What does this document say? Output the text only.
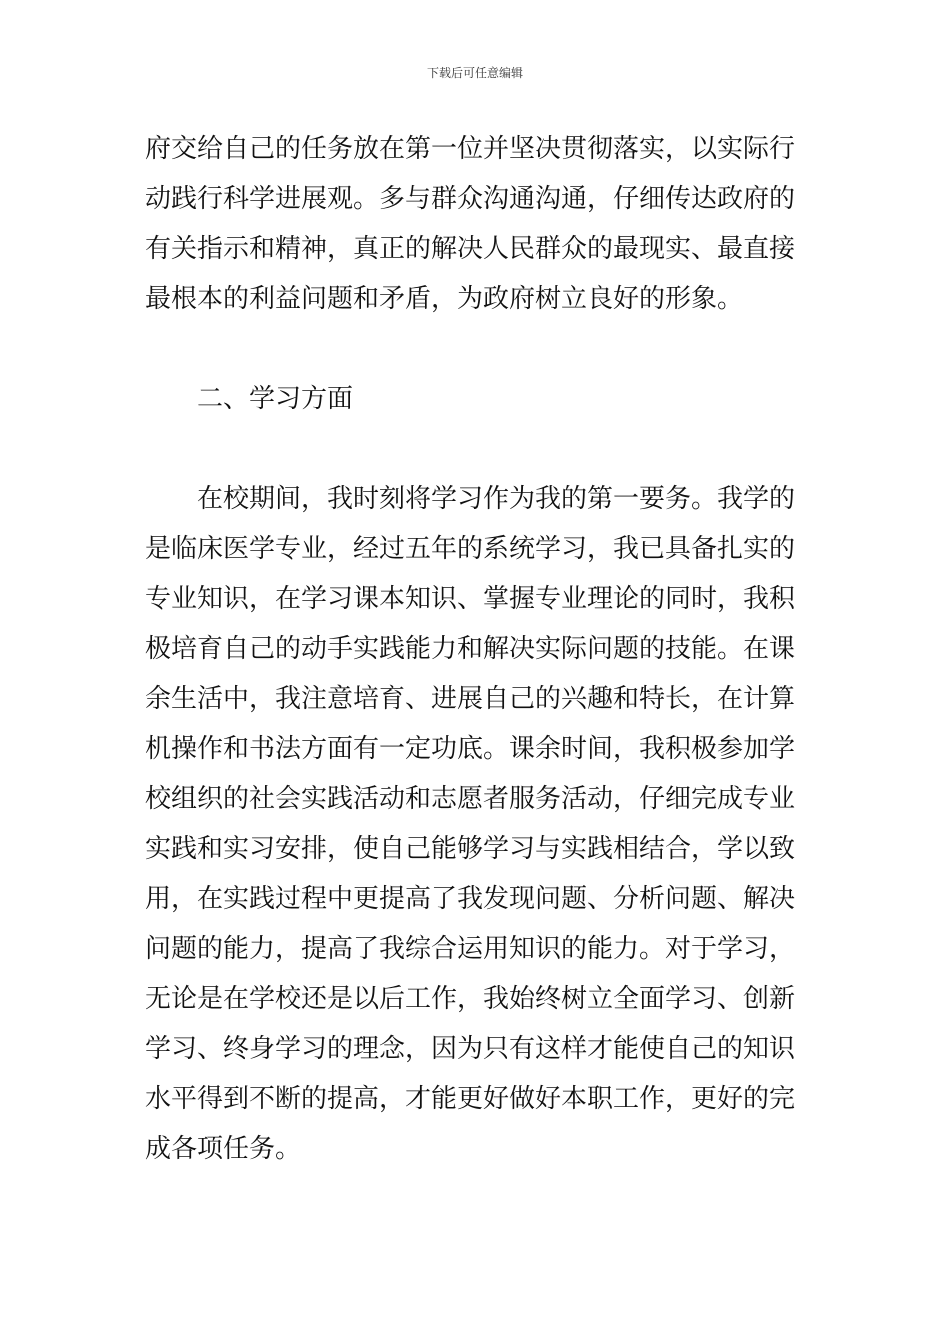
下载后可任意编辑
府交给自己的任务放在第一位并坚决贯彻落实，以实际行
动践行科学进展观。多与群众沟通沟通，仔细传达政府的
有关指示和精神，真正的解决人民群众的最现实、最直接
最根本的利益问题和矛盾，为政府树立良好的形象。
二、学习方面
在校期间，我时刻将学习作为我的第一要务。我学的
是临床医学专业，经过五年的系统学习，我已具备扎实的
专业知识，在学习课本知识、掌握专业理论的同时，我积
极培育自己的动手实践能力和解决实际问题的技能。在课
余生活中，我注意培育、进展自己的兴趣和特长，在计算
机操作和书法方面有一定功底。课余时间，我积极参加学
校组织的社会实践活动和志愿者服务活动，仔细完成专业
实践和实习安排，使自己能够学习与实践相结合，学以致
用，在实践过程中更提高了我发现问题、分析问题、解决
问题的能力，提高了我综合运用知识的能力。对于学习，
无论是在学校还是以后工作，我始终树立全面学习、创新
学习、终身学习的理念，因为只有这样才能使自己的知识
水平得到不断的提高，才能更好做好本职工作，更好的完
成各项任务。
